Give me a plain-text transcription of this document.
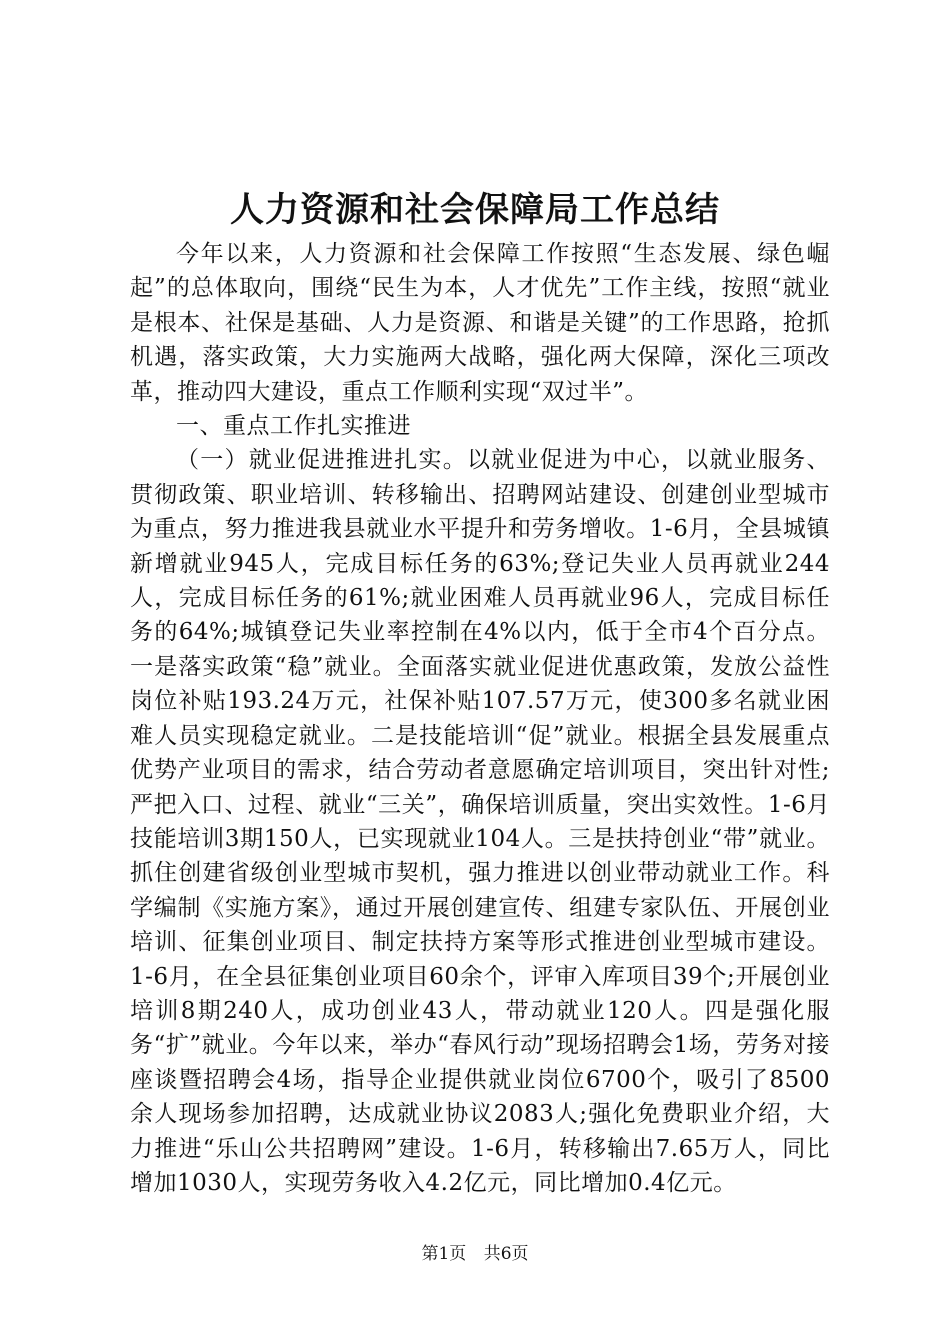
人力资源和社会保障局工作总结

今年以来，人力资源和社会保障工作按照“生态发展、绿色崛起”的总体取向，围绕“民生为本，人才优先”工作主线，按照“就业是根本、社保是基础、人力是资源、和谐是关键”的工作思路，抢抓机遇，落实政策，大力实施两大战略，强化两大保障，深化三项改革，推动四大建设，重点工作顺利实现“双过半”。

一、重点工作扎实推进

（一）就业促进推进扎实。以就业促进为中心，以就业服务、贯彻政策、职业培训、转移输出、招聘网站建设、创建创业型城市为重点，努力推进我县就业水平提升和劳务增收。1-6月，全县城镇新增就业945人，完成目标任务的63%;登记失业人员再就业244人，完成目标任务的61%;就业困难人员再就业96人，完成目标任务的64%;城镇登记失业率控制在4%以内，低于全市4个百分点。一是落实政策“稳”就业。全面落实就业促进优惠政策，发放公益性岗位补贴193.24万元，社保补贴107.57万元，使300多名就业困难人员实现稳定就业。二是技能培训“促”就业。根据全县发展重点优势产业项目的需求，结合劳动者意愿确定培训项目，突出针对性;严把入口、过程、就业“三关”，确保培训质量，突出实效性。1-6月技能培训3期150人，已实现就业104人。三是扶持创业“带”就业。抓住创建省级创业型城市契机，强力推进以创业带动就业工作。科学编制《实施方案》，通过开展创建宣传、组建专家队伍、开展创业培训、征集创业项目、制定扶持方案等形式推进创业型城市建设。1-6月，在全县征集创业项目60余个，评审入库项目39个;开展创业培训8期240人，成功创业43人，带动就业120人。四是强化服务“扩”就业。今年以来，举办“春风行动”现场招聘会1场，劳务对接座谈暨招聘会4场，指导企业提供就业岗位6700个，吸引了8500余人现场参加招聘，达成就业协议2083人;强化免费职业介绍，大力推进“乐山公共招聘网”建设。1-6月，转移输出7.65万人，同比增加1030人，实现劳务收入4.2亿元，同比增加0.4亿元。

第1页 共6页
